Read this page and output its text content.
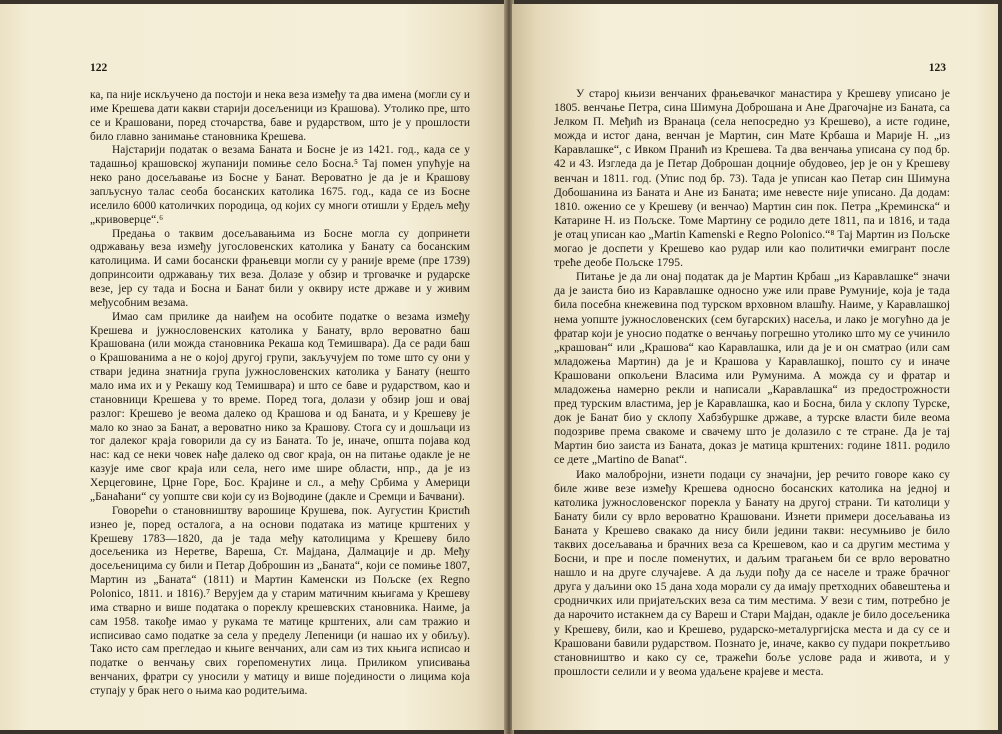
122

ка, па није искључено да постоји и нека веза између та два имена (могли су и име Крешева дати какви старији досељеници из Крашова). Утолико пре, што се и Крашовани, поред сточарства, баве и рударством, што је у прошлости било главно занимање становника Крешева.

Најстарији податак о везама Баната и Босне је из 1421. год., када се у тадашњој крашовској жупанији помиње село Босна.⁵ Тај помен упућује на неко рано досељавање из Босне у Банат. Вероватно је да је и Крашову запљуснуо талас сеоба босанских католика 1675. год., када се из Босне иселило 6000 католичких породица, од којих су многи отишли у Ердељ међу „кривоверце“.⁶

Предања о таквим досељавањима из Босне могла су допринети одржавању веза између југословенских католика у Банату са босанским католицима. И сами босански фрањевци могли су у раније време (пре 1739) допринсоити одржавању тих веза. Долазе у обзир и трговачке и рударске везе, јер су тада и Босна и Банат били у оквиру исте државе и у живим међусобним везама.

Имао сам прилике да наиђем на особите податке о везама између Крешева и јужнословенских католика у Банату, врло вероватно баш Крашована (или можда становника Рекаша код Темишвара). Да се ради баш о Крашованима а не о којој другој групи, закључујем по томе што су они у ствари једина знатнија група јужнословенских католика у Банату (нешто мало има их и у Рекашу код Темишвара) и што се баве и рударством, као и становници Крешева у то време. Поред тога, долази у обзир још и овај разлог: Крешево је веома далеко од Крашова и од Баната, и у Крешеву је мало ко знао за Банат, а вероватно нико за Крашову. Стога су и дошљаци из тог далеког краја говорили да су из Баната. То је, иначе, општа појава код нас: кад се неки човек нађе далеко од свог краја, он на питање одакле је не казује име свог краја или села, него име шире области, нпр., да је из Херцеговине, Црне Горе, Бос. Крајине и сл., а међу Србима у Америци „Банаћани“ су уопште сви који су из Војводине (дакле и Сремци и Бачвани).

Говорећи о становништву варошице Крушева, пок. Аугустин Кристић изнео је, поред осталога, а на основи података из матице крштених у Крешеву 1783—1820, да је тада међу католицима у Крешеву било досељеника из Неретве, Вареша, Ст. Мајдана, Далмације и др. Међу досељеницима су били и Петар Доброшин из „Баната“, који се помиње 1807, Мартин из „Баната“ (1811) и Мартин Каменски из Пољске (ex Regno Polonico, 1811. и 1816).⁷ Верујем да у старим матичним књигама у Крешеву има стварно и више података о пореклу крешевских становника. Наиме, ја сам 1958. такође имао у рукама те матице крштених, али сам тражио и исписивао само податке за села у пределу Лепеници (и нашао их у обиљу). Тако исто сам прегледао и књиге венчаних, али сам из тих књига исписао и податке о венчању свих горепоменутих лица. Приликом уписивања венчаних, фратри су уносили у матицу и више појединости о лицима која ступају у брак него о њима као родитељима.

123

У старој књизи венчаних фрањевачког манастира у Крешеву уписано је 1805. венчање Петра, сина Шимуна Доброшана и Ане Драгочајне из Баната, са Јелком П. Међић из Вранаца (села непосредно уз Крешево), а исте године, можда и истог дана, венчан је Мартин, син Мате Крбаша и Марије Н. „из Каравлашке“, с Ивком Пранић из Крешева. Та два венчања уписана су под бр. 42 и 43. Изгледа да је Петар Доброшан доцније обудовео, јер је он у Крешеву венчан и 1811. год. (Упис под бр. 73). Тада је уписан као Петар син Шимуна Добошанина из Баната и Ане из Баната; име невесте није уписано. Да додам: 1810. оженио се у Крешеву (и венчао) Мартин син пок. Петра „Креминска“ и Катарине Н. из Пољске. Томе Мартину се родило дете 1811, па и 1816, и тада је отац уписан као „Martin Kamenski e Regno Polonico.“⁸ Тај Мартин из Пољске могао је доспети у Крешево као рудар или као политички емигрант после треће деобе Пољске 1795.

Питање је да ли онај податак да је Мартин Крбаш „из Каравлашке“ значи да је заиста био из Каравлашке односно уже или праве Румуније, која је тада била посебна кнежевина под турском врховном влашћу. Наиме, у Каравлашкој нема уопште јужнословенских (сем бугарских) насеља, и лако је могућно да је фратар који је уносио податке о венчању погрешно утолико што му се учинило „крашован“ или „Крашова“ као Каравлашка, или да је и он сматрао (или сам младожења Мартин) да је и Крашова у Каравлашкој, пошто су и иначе Крашовани опкољени Власима или Румунима. А можда су и фратар и младожења намерно рекли и написали „Каравлашка“ из предострожности пред турским властима, јер је Каравлашка, као и Босна, била у склопу Турске, док је Банат био у склопу Хабзбуршке државе, а турске власти биле веома подозриве према свакоме и свачему што је долазило с те стране. Да је тај Мартин био заиста из Баната, доказ је матица крштених: године 1811. родило се дете „Martino de Banat“.

Иако малобројни, изнети подаци су значајни, јер речито говоре како су биле живе везе између Крешева односно босанских католика на једној и католика јужнословенског порекла у Банату на другој страни. Ти католици у Банату били су врло вероватно Крашовани. Изнети примери досељавања из Баната у Крешево свакако да нису били једини такви: несумњиво је било таквих досељавања и брачних веза са Крешевом, као и са другим местима у Босни, и пре и после поменутих, и даљим трагањем би се врло вероватно нашло и на друге случајеве. А да људи пођу да се населе и траже брачног друга у даљини око 15 дана хода морали су да имају претходних обавештења и сродничких или пријатељских веза са тим местима. У вези с тим, потребно је да нарочито истакнем да су Вареш и Стари Мајдан, одакле је било досељеника у Крешеву, били, као и Крешево, рударско-металургијска места и да су се и Крашовани бавили рударством. Познато је, иначе, какво су пудари покретљиво становништво и како су се, тражећи боље услове рада и живота, и у прошлости селили и у веома удаљене крајеве и места.
